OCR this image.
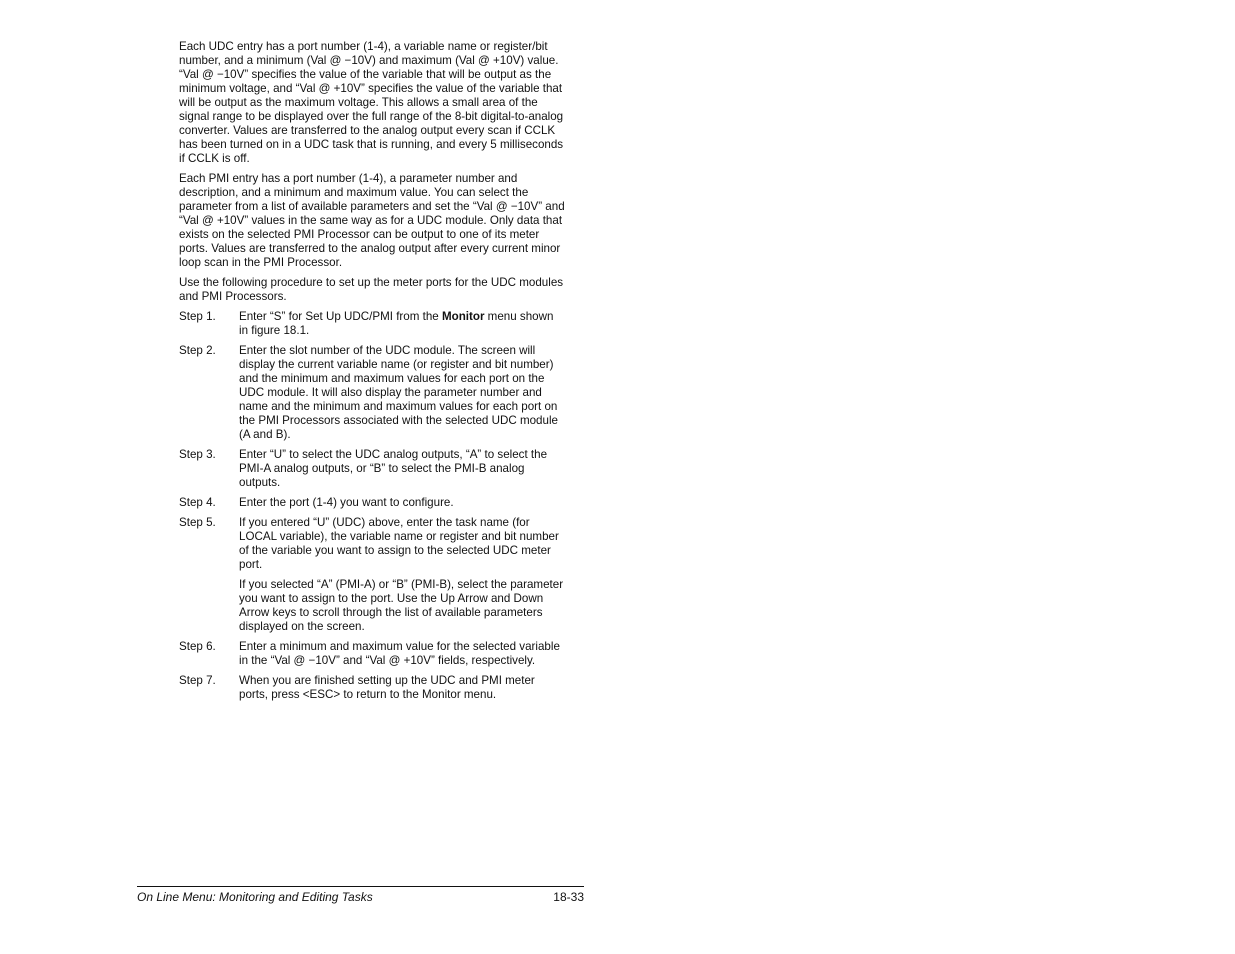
Each UDC entry has a port number (1-4), a variable name or register/bit number, and a minimum (Val @ −10V) and maximum (Val @ +10V) value. “Val @ −10V” specifies the value of the variable that will be output as the minimum voltage, and “Val @ +10V” specifies the value of the variable that will be output as the maximum voltage. This allows a small area of the signal range to be displayed over the full range of the 8-bit digital-to-analog converter. Values are transferred to the analog output every scan if CCLK has been turned on in a UDC task that is running, and every 5 milliseconds if CCLK is off.

Each PMI entry has a port number (1-4), a parameter number and description, and a minimum and maximum value. You can select the parameter from a list of available parameters and set the “Val @ −10V” and “Val @ +10V” values in the same way as for a UDC module. Only data that exists on the selected PMI Processor can be output to one of its meter ports. Values are transferred to the analog output after every current minor loop scan in the PMI Processor.

Use the following procedure to set up the meter ports for the UDC modules and PMI Processors.

Step 1.	Enter “S” for Set Up UDC/PMI from the Monitor menu shown in figure 18.1.
Step 2.	Enter the slot number of the UDC module. The screen will display the current variable name (or register and bit number) and the minimum and maximum values for each port on the UDC module. It will also display the parameter number and name and the minimum and maximum values for each port on the PMI Processors associated with the selected UDC module (A and B).
Step 3.	Enter “U” to select the UDC analog outputs, “A” to select the PMI-A analog outputs, or “B” to select the PMI-B analog outputs.
Step 4.	Enter the port (1-4) you want to configure.
Step 5.	If you entered “U” (UDC) above, enter the task name (for LOCAL variable), the variable name or register and bit number of the variable you want to assign to the selected UDC meter port.
If you selected “A” (PMI-A) or “B” (PMI-B), select the parameter you want to assign to the port. Use the Up Arrow and Down Arrow keys to scroll through the list of available parameters displayed on the screen.
Step 6.	Enter a minimum and maximum value for the selected variable in the “Val @ −10V” and “Val @ +10V” fields, respectively.
Step 7.	When you are finished setting up the UDC and PMI meter ports, press <ESC> to return to the Monitor menu.
On Line Menu: Monitoring and Editing Tasks	18-33
